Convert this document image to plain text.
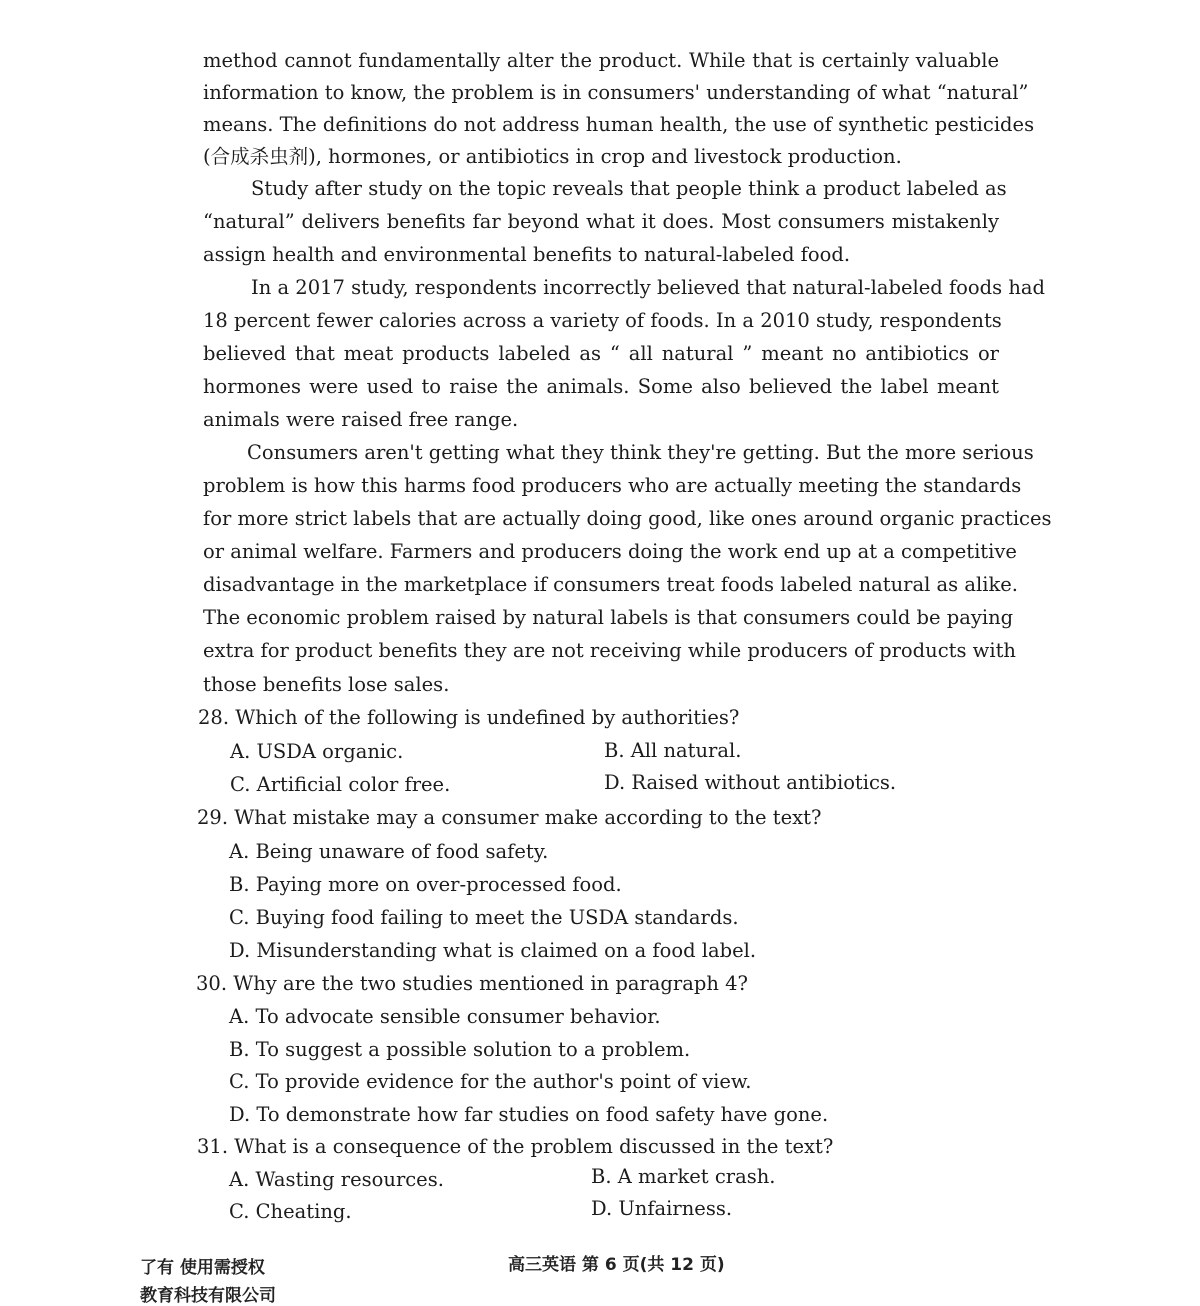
method cannot fundamentally alter the product. While that is certainly valuable
information to know, the problem is in consumers' understanding of what “natural”
means. The definitions do not address human health, the use of synthetic pesticides
(合成杀虫剂), hormones, or antibiotics in crop and livestock production.
Study after study on the topic reveals that people think a product labeled as
“natural” delivers benefits far beyond what it does. Most consumers mistakenly
assign health and environmental benefits to natural-labeled food.
In a 2017 study, respondents incorrectly believed that natural-labeled foods had
18 percent fewer calories across a variety of foods. In a 2010 study, respondents
believed that meat products labeled as “ all natural ” meant no antibiotics or
hormones were used to raise the animals. Some also believed the label meant
animals were raised free range.
Consumers aren't getting what they think they're getting. But the more serious
problem is how this harms food producers who are actually meeting the standards
for more strict labels that are actually doing good, like ones around organic practices
or animal welfare. Farmers and producers doing the work end up at a competitive
disadvantage in the marketplace if consumers treat foods labeled natural as alike.
The economic problem raised by natural labels is that consumers could be paying
extra for product benefits they are not receiving while producers of products with
those benefits lose sales.
28. Which of the following is undefined by authorities?
A. USDA organic.	B. All natural.
C. Artificial color free.	D. Raised without antibiotics.
29. What mistake may a consumer make according to the text?
A. Being unaware of food safety.
B. Paying more on over-processed food.
C. Buying food failing to meet the USDA standards.
D. Misunderstanding what is claimed on a food label.
30. Why are the two studies mentioned in paragraph 4?
A. To advocate sensible consumer behavior.
B. To suggest a possible solution to a problem.
C. To provide evidence for the author's point of view.
D. To demonstrate how far studies on food safety have gone.
31. What is a consequence of the problem discussed in the text?
A. Wasting resources.	B. A market crash.
C. Cheating.	D. Unfairness.
了有 使用需授权
教育科技有限公司
高三英语 第 6 页(共 12 页)
